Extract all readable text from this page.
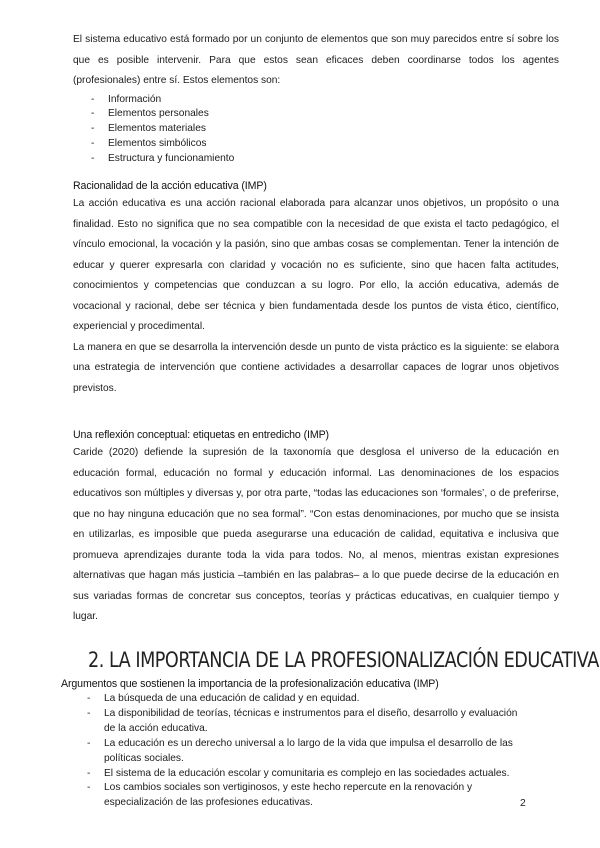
El sistema educativo está formado por un conjunto de elementos que son muy parecidos entre sí sobre los que es posible intervenir. Para que estos sean eficaces deben coordinarse todos los agentes (profesionales) entre sí. Estos elementos son:

- Información
- Elementos personales
- Elementos materiales
- Elementos simbólicos
- Estructura y funcionamiento
Racionalidad de la acción educativa (IMP)

La acción educativa es una acción racional elaborada para alcanzar unos objetivos, un propósito o una finalidad. Esto no significa que no sea compatible con la necesidad de que exista el tacto pedagógico, el vínculo emocional, la vocación y la pasión, sino que ambas cosas se complementan. Tener la intención de educar y querer expresarla con claridad y vocación no es suficiente, sino que hacen falta actitudes, conocimientos y competencias que conduzcan a su logro. Por ello, la acción educativa, además de vocacional y racional, debe ser técnica y bien fundamentada desde los puntos de vista ético, científico, experiencial y procedimental.

La manera en que se desarrolla la intervención desde un punto de vista práctico es la siguiente: se elabora una estrategia de intervención que contiene actividades a desarrollar capaces de lograr unos objetivos previstos.

Una reflexión conceptual: etiquetas en entredicho (IMP)

Caride (2020) defiende la supresión de la taxonomía que desglosa el universo de la educación en educación formal, educación no formal y educación informal. Las denominaciones de los espacios educativos son múltiples y diversas y, por otra parte, “todas las educaciones son ‘formales’, o de preferirse, que no hay ninguna educación que no sea formal”. “Con estas denominaciones, por mucho que se insista en utilizarlas, es imposible que pueda asegurarse una educación de calidad, equitativa e inclusiva que promueva aprendizajes durante toda la vida para todos. No, al menos, mientras existan expresiones alternativas que hagan más justicia –también en las palabras– a lo que puede decirse de la educación en sus variadas formas de concretar sus conceptos, teorías y prácticas educativas, en cualquier tiempo y lugar.

2. LA IMPORTANCIA DE LA PROFESIONALIZACIÓN EDUCATIVA
Argumentos que sostienen la importancia de la profesionalización educativa (IMP)
- La búsqueda de una educación de calidad y en equidad.
- La disponibilidad de teorías, técnicas e instrumentos para el diseño, desarrollo y evaluación de la acción educativa.
- La educación es un derecho universal a lo largo de la vida que impulsa el desarrollo de las políticas sociales.
- El sistema de la educación escolar y comunitaria es complejo en las sociedades actuales.
- Los cambios sociales son vertiginosos, y este hecho repercute en la renovación y especialización de las profesiones educativas.	2
